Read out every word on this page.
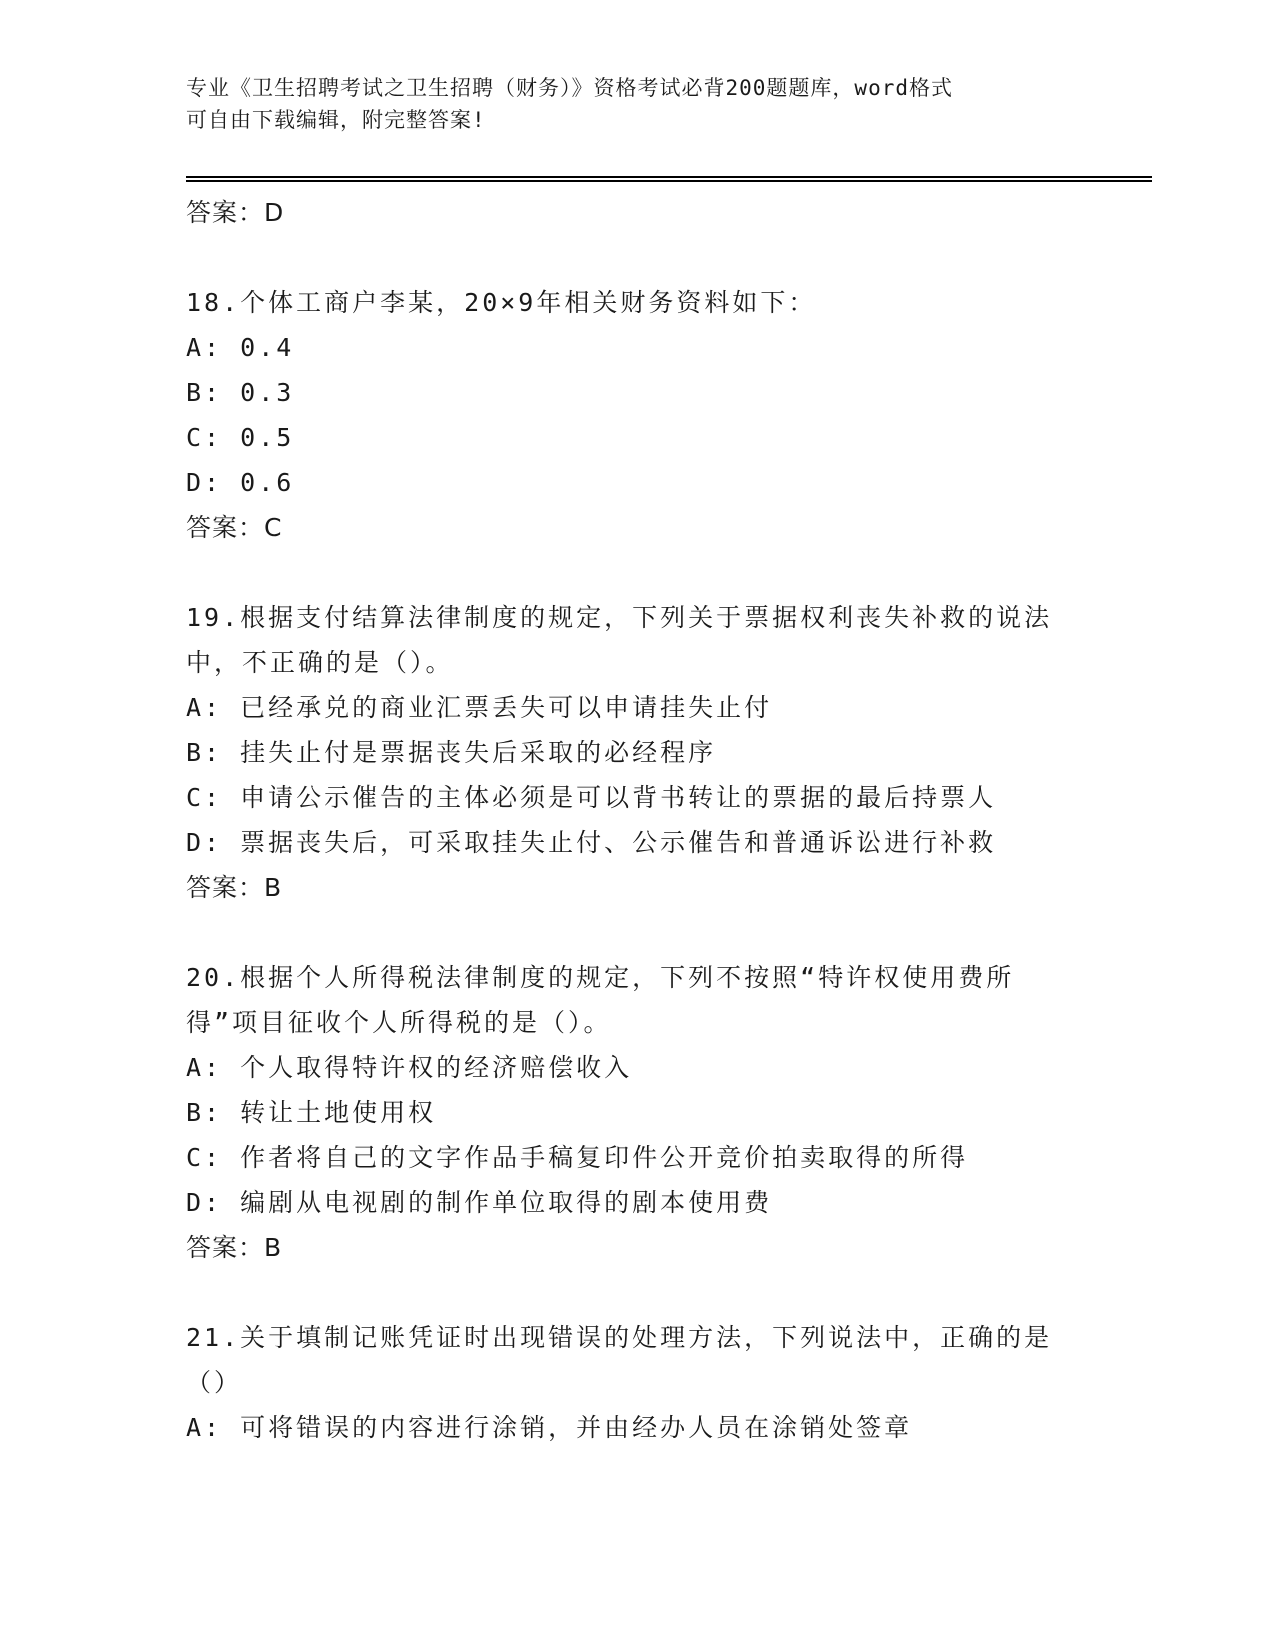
专业《卫生招聘考试之卫生招聘（财务）》资格考试必背200题题库，word格式
可自由下载编辑，附完整答案!
答案：D
18.个体工商户李某，20×9年相关财务资料如下：
A: 0.4
B: 0.3
C: 0.5
D: 0.6
答案：C
19.根据支付结算法律制度的规定，下列关于票据权利丧失补救的说法中，不正确的是（）。
A: 已经承兑的商业汇票丢失可以申请挂失止付
B: 挂失止付是票据丧失后采取的必经程序
C: 申请公示催告的主体必须是可以背书转让的票据的最后持票人
D: 票据丧失后，可采取挂失止付、公示催告和普通诉讼进行补救
答案：B
20.根据个人所得税法律制度的规定，下列不按照“特许权使用费所得”项目征收个人所得税的是（）。
A: 个人取得特许权的经济赔偿收入
B: 转让土地使用权
C: 作者将自己的文字作品手稿复印件公开竞价拍卖取得的所得
D: 编剧从电视剧的制作单位取得的剧本使用费
答案：B
21.关于填制记账凭证时出现错误的处理方法，下列说法中，正确的是（）
A: 可将错误的内容进行涂销，并由经办人员在涂销处签章
